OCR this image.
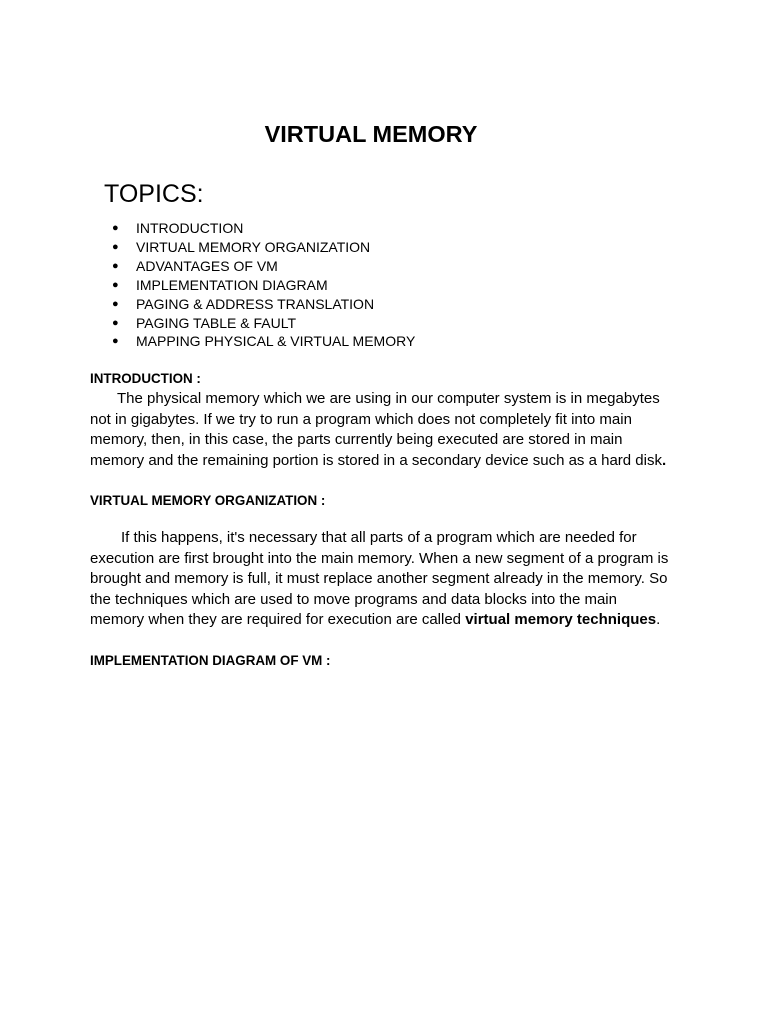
VIRTUAL MEMORY
TOPICS:
● INTRODUCTION
● VIRTUAL MEMORY ORGANIZATION
● ADVANTAGES OF VM
● IMPLEMENTATION DIAGRAM
● PAGING & ADDRESS TRANSLATION
● PAGING TABLE & FAULT
● MAPPING PHYSICAL & VIRTUAL MEMORY
INTRODUCTION :
The physical memory which we are using in our computer system is in megabytes
not in gigabytes. If we try to run a program which does not completely fit into main
memory, then, in this case, the parts currently being executed are stored in main
memory and the remaining portion is stored in a secondary device such as a hard disk.
VIRTUAL MEMORY ORGANIZATION :
If this happens, it's necessary that all parts of a program which are needed for
execution are first brought into the main memory. When a new segment of a program is
brought and memory is full, it must replace another segment already in the memory. So
the techniques which are used to move programs and data blocks into the main
memory when they are required for execution are called virtual memory techniques.
IMPLEMENTATION DIAGRAM OF VM :
